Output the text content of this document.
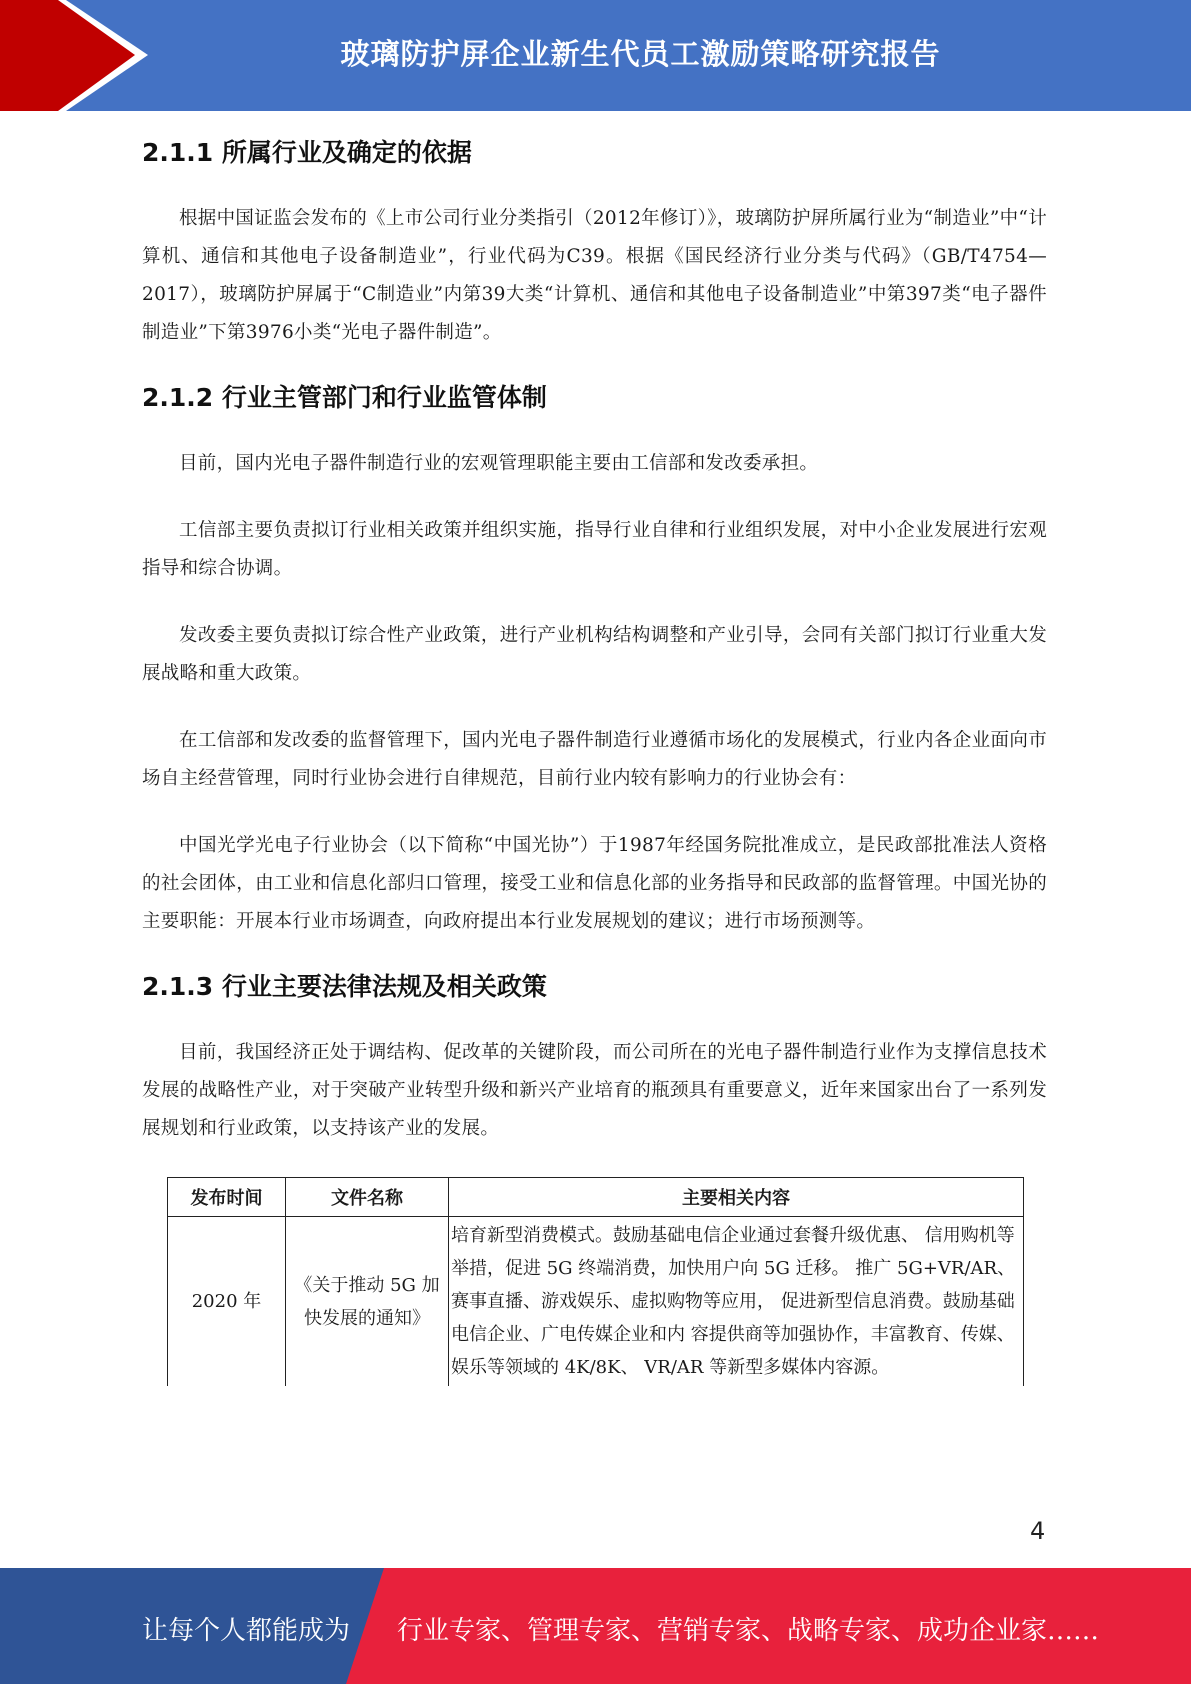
玻璃防护屏企业新生代员工激励策略研究报告
2.1.1 所属行业及确定的依据

根据中国证监会发布的《上市公司行业分类指引（2012年修订）》，玻璃防护屏所属行业为“制造业”中“计算机、通信和其他电子设备制造业”，行业代码为C39。根据《国民经济行业分类与代码》（GB/T4754—2017），玻璃防护屏属于“C制造业”内第39大类“计算机、通信和其他电子设备制造业”中第397类“电子器件制造业”下第3976小类“光电子器件制造”。

2.1.2 行业主管部门和行业监管体制

目前，国内光电子器件制造行业的宏观管理职能主要由工信部和发改委承担。

工信部主要负责拟订行业相关政策并组织实施，指导行业自律和行业组织发展，对中小企业发展进行宏观指导和综合协调。

发改委主要负责拟订综合性产业政策，进行产业机构结构调整和产业引导，会同有关部门拟订行业重大发展战略和重大政策。

在工信部和发改委的监督管理下，国内光电子器件制造行业遵循市场化的发展模式，行业内各企业面向市场自主经营管理，同时行业协会进行自律规范，目前行业内较有影响力的行业协会有：

中国光学光电子行业协会（以下简称“中国光协”）于1987年经国务院批准成立，是民政部批准法人资格的社会团体，由工业和信息化部归口管理，接受工业和信息化部的业务指导和民政部的监督管理。中国光协的主要职能：开展本行业市场调查，向政府提出本行业发展规划的建议；进行市场预测等。

2.1.3 行业主要法律法规及相关政策

目前，我国经济正处于调结构、促改革的关键阶段，而公司所在的光电子器件制造行业作为支撑信息技术发展的战略性产业，对于突破产业转型升级和新兴产业培育的瓶颈具有重要意义，近年来国家出台了一系列发展规划和行业政策，以支持该产业的发展。

发布时间	文件名称	主要相关内容
2020 年	《关于推动 5G 加快发展的通知》	培育新型消费模式。鼓励基础电信企业通过套餐升级优惠、 信用购机等举措，促进 5G 终端消费，加快用户向 5G 迁移。 推广 5G+VR/AR、赛事直播、游戏娱乐、虚拟购物等应用， 促进新型信息消费。鼓励基础电信企业、广电传媒企业和内 容提供商等加强协作，丰富教育、传媒、娱乐等领域的 4K/8K、 VR/AR 等新型多媒体内容源。
4
让每个人都能成为 行业专家、管理专家、营销专家、战略专家、成功企业家……
